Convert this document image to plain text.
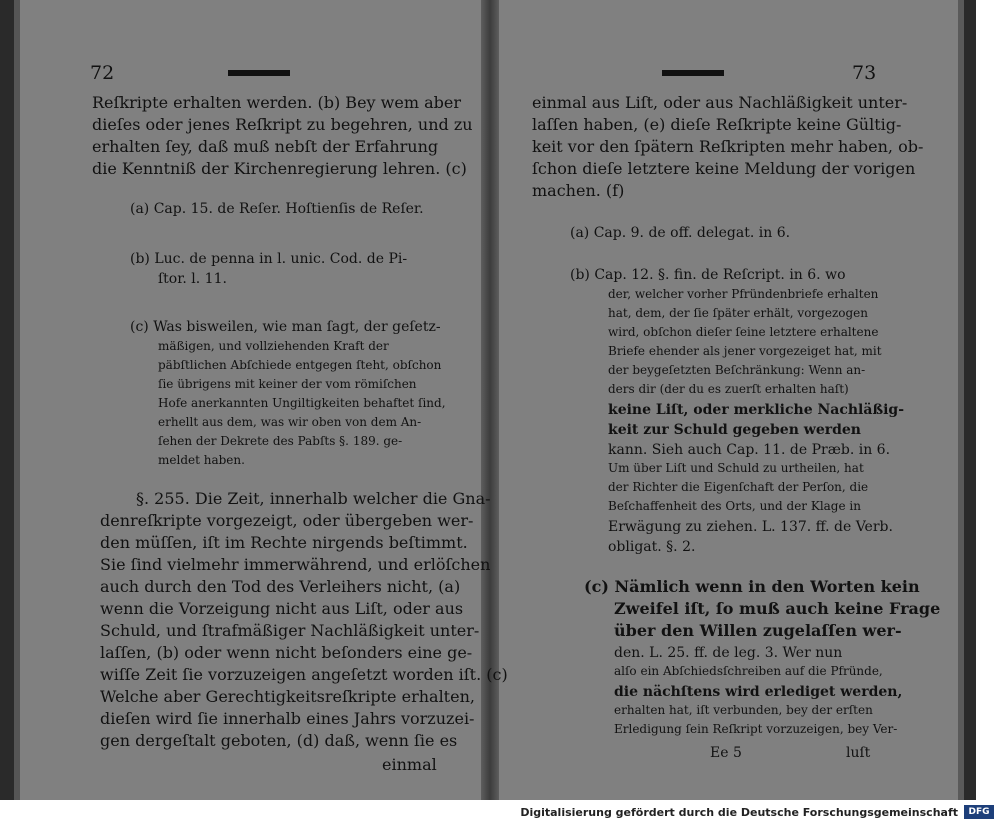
72
Reſkripte erhalten werden. (b) Bey wem aber
dieſes oder jenes Reſkript zu begehren, und zu
erhalten ſey, daß muß nebſt der Erfahrung
die Kenntniß der Kirchenregierung lehren. (c)
(a) Cap. 15. de Reſer. Hoſtienſis de Reſer.
(b) Luc. de penna in l. unic. Cod. de Pi-
ſtor. l. 11.
(c) Was bisweilen, wie man ſagt, der geſetz-
mäßigen, und vollziehenden Kraft der
päbſtlichen Abſchiede entgegen ſteht, obſchon
ſie übrigens mit keiner der vom römiſchen
Hofe anerkannten Ungiltigkeiten behaftet ſind,
erhellt aus dem, was wir oben von dem An-
ſehen der Dekrete des Pabſts §. 189. ge-
meldet haben.
§. 255. Die Zeit, innerhalb welcher die Gna-
denreſkripte vorgezeigt, oder übergeben wer-
den müſſen, iſt im Rechte nirgends beſtimmt.
Sie ſind vielmehr immerwährend, und erlöſchen
auch durch den Tod des Verleihers nicht, (a)
wenn die Vorzeigung nicht aus Liſt, oder aus
Schuld, und ſtrafmäßiger Nachläßigkeit unter-
laſſen, (b) oder wenn nicht beſonders eine ge-
wiſſe Zeit ſie vorzuzeigen angeſetzt worden iſt. (c)
Welche aber Gerechtigkeitsreſkripte erhalten,
dieſen wird ſie innerhalb eines Jahrs vorzuzei-
gen dergeſtalt geboten, (d) daß, wenn ſie es
einmal
73
einmal aus Liſt, oder aus Nachläßigkeit unter-
laſſen haben, (e) dieſe Reſkripte keine Gültig-
keit vor den ſpätern Reſkripten mehr haben, ob-
ſchon dieſe letztere keine Meldung der vorigen
machen. (f)
(a) Cap. 9. de off. delegat. in 6.
(b) Cap. 12. §. fin. de Reſcript. in 6. wo
der, welcher vorher Pfründenbriefe erhalten
hat, dem, der ſie ſpäter erhält, vorgezogen
wird, obſchon dieſer ſeine letztere erhaltene
Briefe ehender als jener vorgezeiget hat, mit
der beygeſetzten Beſchränkung: Wenn an-
ders dir (der du es zuerſt erhalten haſt)
keine Liſt, oder merkliche Nachläßig-
keit zur Schuld gegeben werden
kann. Sieh auch Cap. 11. de Præb. in 6.
Um über Liſt und Schuld zu urtheilen, hat
der Richter die Eigenſchaft der Perſon, die
Beſchaffenheit des Orts, und der Klage in
Erwägung zu ziehen. L. 137. ff. de Verb.
obligat. §. 2.
(c) Nämlich wenn in den Worten kein
Zweifel iſt, ſo muß auch keine Frage
über den Willen zugelaſſen wer-
den. L. 25. ff. de leg. 3. Wer nun
alſo ein Abſchiedsſchreiben auf die Pfründe,
die nächſtens wird erlediget werden,
erhalten hat, iſt verbunden, bey der erſten
Erledigung ſein Reſkript vorzuzeigen, bey Ver-
Ee 5	luſt
Digitalisierung gefördert durch die Deutsche Forschungsgemeinschaft	DFG
